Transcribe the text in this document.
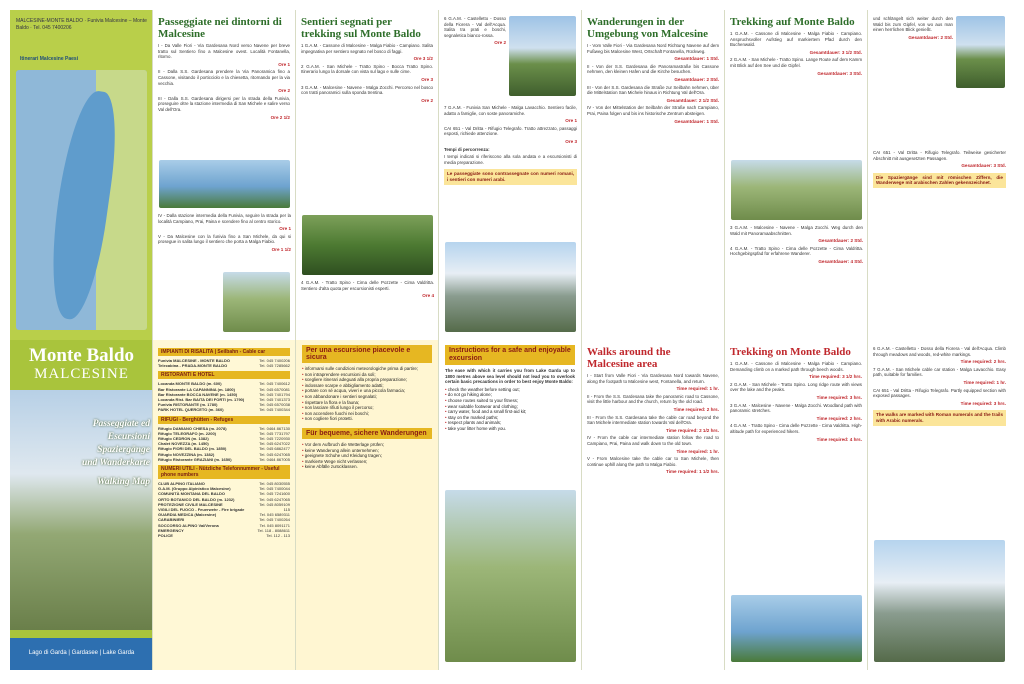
MALCESINE-MONTE BALDO · Funivia Malcesine – Monte Baldo · Tel. 045 7400206
Itinerari Malcesine Paesi
Passeggiate nei dintorni di Malcesine

I - Da Valle Fiori - Via Gardesana Nord verso Navene per breve tratto sul Sentiero fino a Malcesine ovest. Località Fontanella, ritorno.

Ore 1

II - Dalla S.S. Gardesana prendere la Via Panoramica fino a Cassone, visitando il porticciolo e la chiesetta, ritornando per la via vecchia.

Ore 2

III - Dalla S.S. Gardesana dirigersi per la strada della Funivia, proseguire oltre la stazione intermedia di San Michele e salire verso Val dell'Ora.

Ore 2 1/2

IV - Dalla stazione intermedia della Funivia, seguire la strada per la località Campiano, Prai, Paina e scendere fino al centro storico.

Ore 1

V - Da Malcesine con la funivia fino a San Michele, da qui si prosegue in salita lungo il sentiero che porta a Malga Fiabio.

Ore 1 1/2
Sentieri segnati per trekking sul Monte Baldo

1 G.A.M. - Cassone di Malcesine - Malga Fiabio - Campiano. Salita impegnativa per sentiero segnato nel bosco di faggi.

Ore 3 1/2

2 G.A.M. - San Michele - Tratto Spino - Bocca Tratto Spino. Itinerario lungo la dorsale con vista sul lago e sulle cime.

Ore 3

3 G.A.M. - Malcesine - Navene - Malga Zocchi. Percorso nel bosco con tratti panoramici sulla sponda trentina.

Ore 2

4 G.A.M. - Tratto Spino - Cima delle Pozzette - Cima Valdritta. Sentiero d'alta quota per escursionisti esperti.

Ore 4

6 G.A.M. - Castelletto - Dosso della Fiorera - Val dell'Acqua. Salita tra prati e boschi, segnaletica bianco-rossa.

Ore 2

7 G.A.M. - Funivia San Michele - Malga Lavacchio. Sentiero facile, adatto a famiglie, con soste panoramiche.

Ore 1

CAI 651 - Val Dritta - Rifugio Telegrafo. Tratto attrezzato, passaggi esposti, richiede attenzione.

Ore 3

Tempi di percorrenza:

I tempi indicati si riferiscono alla sola andata e a escursionisti di media preparazione.

Le passeggiate sono contrassegnate con numeri romani, i sentieri con numeri arabi.
Wanderungen in der Umgebung von Malcesine

I - Vom Valle Fiori - Via Gardesana Nord Richtung Navene auf dem Fußweg bis Malcesine West, Ortschaft Fontanella, Rückweg.

Gesamtdauer: 1 Std.

II - Von der S.S. Gardesana die Panoramastraße bis Cassone nehmen, den kleinen Hafen und die Kirche besuchen.

Gesamtdauer: 2 Std.

III - Von der S.S. Gardesana die Straße zur Seilbahn nehmen, über die Mittelstation San Michele hinaus in Richtung Val dell'Ora.

Gesamtdauer: 2 1/2 Std.

IV - Von der Mittelstation der Seilbahn der Straße nach Campiano, Prai, Paina folgen und bis ins historische Zentrum absteigen.

Gesamtdauer: 1 Std.
Trekking auf Monte Baldo

1 G.A.M. - Cassone di Malcesine - Malga Fiabio - Campiano. Anspruchsvoller Aufstieg auf markiertem Pfad durch den Buchenwald.

Gesamtdauer: 3 1/2 Std.

2 G.A.M. - San Michele - Tratto Spino. Lange Route auf dem Kamm mit Blick auf den See und die Gipfel.

Gesamtdauer: 3 Std.

3 G.A.M. - Malcesine - Navene - Malga Zocchi. Weg durch den Wald mit Panoramaabschnitten.

Gesamtdauer: 2 Std.

4 G.A.M. - Tratto Spino - Cima delle Pozzette - Cima Valdritta. Hochgebirgspfad für erfahrene Wanderer.

Gesamtdauer: 4 Std.

und schlängelt sich weiter durch den Wald bis zum Gipfel, von wo aus man einen herrlichen Blick genießt.

Gesamtdauer: 2 Std.

CAI 651 - Val Dritta - Rifugio Telegrafo. Teilweise gesicherter Abschnitt mit ausgesetzten Passagen.

Gesamtdauer: 3 Std.
Die Spaziergänge sind mit römischen Ziffern, die Wanderwege mit arabischen Zahlen gekennzeichnet.
Monte Baldo
MALCESINE
Passeggiate ed
Escursioni
Spaziergänge
und Wanderkarte
Walking Map
Lago di Garda | Gardasee | Lake Garda
IMPIANTI DI RISALITA | Seilbahn - Cable car
Funivia MALCESINE - MONTE BALDO	Tel. 045 7400206
Telecabina - PRADA-MONTE BALDO	Tel. 045 7285662
RISTORANTI E HOTEL
Locanda MONTE BALDO (m. 600)	Tel. 045 7400612
Bar Ristorante LA CAPANNINA (m. 1800)	Tel. 045 6570081
Bar Ristorante BOCCA NAVENE (m. 1450)	Tel. 045 7401794
Locanda Rist. Bar BAITA DEI FORTI (m. 1790)	Tel. 045 7401373
Funivia RISTORANTE (m. 1780)	Tel. 045 6570038
PARK HOTEL QUERCETO (m. 360)	Tel. 045 7400344
RIFUGI - Berghütten - Refuges
Rifugio DAMIANO CHIESA (m. 2078)	Tel. 0464 867130
Rifugio TELEGRAFO (m. 2200)	Tel. 045 7731797
Rifugio CEDRON (m. 1382)	Tel. 045 7220930
Chalet NOVEZZA (m. 1450)	Tel. 045 6247022
Rifugio FIORI DEL BALDO (m. 1850)	Tel. 045 6862477
Rifugio NOVEZZINA (m. 1382)	Tel. 045 6247065
Rifugio Ristorante GRAZIANI (m. 1650)	Tel. 0464 867005
NUMERI UTILI - Nützliche Telefonnummer - Useful phone numbers
CLUB ALPINO ITALIANO	Tel. 045 8030555
G.A.M. (Gruppo Alpinistico Malcesine)	Tel. 045 7400044
COMUNITÀ MONTANA DEL BALDO	Tel. 045 7241600
ORTO BOTANICO DEL BALDO (m. 1232)	Tel. 045 6247065
PROTEZIONE CIVILE MALCESINE	Tel. 045 8059109
VIGILI DEL FUOCO - Feuerwehr - Fire brigade	115
GUARDIA MEDICA (Malcesine)	Tel. 045 6589311
CARABINIERI	Tel. 045 7400264
SOCCORSO ALPINO Val/Verona	Tel. 045 8091171
EMERGENCY	Tel. 118 - 8088611
POLICE	Tel. 112 - 113
Per una escursione piacevole e sicura
• informarsi sulle condizioni meteorologiche prima di partire;
• non intraprendere escursioni da soli;
• scegliere itinerari adeguati alla propria preparazione;
• indossare scarpe e abbigliamento adatti;
• portare con sé acqua, viveri e una piccola farmacia;
• non abbandonare i sentieri segnalati;
• rispettare la flora e la fauna;
• non lasciare rifiuti lungo il percorso;
• non accendere fuochi nei boschi;
• non cogliere fiori protetti.
Für bequeme, sichere Wanderungen
• Vor dem Aufbruch die Wetterlage prüfen;
• keine Wanderung allein unternehmen;
• geeignete Schuhe und Kleidung tragen;
• markierte Wege nicht verlassen;
• keine Abfälle zurücklassen.
Instructions for a safe and enjoyable excursion
The ease with which it carries you from Lake Garda up to 1800 metres above sea level should not lead you to overlook certain basic precautions in order to best enjoy Monte Baldo:
• check the weather before setting out;
• do not go hiking alone;
• choose routes suited to your fitness;
• wear suitable footwear and clothing;
• carry water, food and a small first-aid kit;
• stay on the marked paths;
• respect plants and animals;
• take your litter home with you.
Walks around the Malcesine area

I - Start from Valle Fiori - Via Gardesana Nord towards Navene, along the footpath to Malcesine west, Fontanella, and return.

Time required: 1 hr.

II - From the S.S. Gardesana take the panoramic road to Cassone, visit the little harbour and the church, return by the old road.

Time required: 2 hrs.

III - From the S.S. Gardesana take the cable car road beyond the San Michele intermediate station towards Val dell'Ora.

Time required: 2 1/2 hrs.

IV - From the cable car intermediate station follow the road to Campiano, Prai, Paina and walk down to the old town.

Time required: 1 hr.

V - From Malcesine take the cable car to San Michele, then continue uphill along the path to Malga Fiabio.

Time required: 1 1/2 hrs.
Trekking on Monte Baldo

1 G.A.M. - Cassone di Malcesine - Malga Fiabio - Campiano. Demanding climb on a marked path through beech woods.

Time required: 3 1/2 hrs.

2 G.A.M. - San Michele - Tratto Spino. Long ridge route with views over the lake and the peaks.

Time required: 3 hrs.

3 G.A.M. - Malcesine - Navene - Malga Zocchi. Woodland path with panoramic stretches.

Time required: 2 hrs.

4 G.A.M. - Tratto Spino - Cima delle Pozzette - Cima Valdritta. High-altitude path for experienced hikers.

Time required: 4 hrs.

6 G.A.M. - Castelletto - Dosso della Fiorera - Val dell'Acqua. Climb through meadows and woods, red-white markings.

Time required: 2 hrs.

7 G.A.M. - San Michele cable car station - Malga Lavacchio. Easy path, suitable for families.

Time required: 1 hr.

CAI 651 - Val Dritta - Rifugio Telegrafo. Partly equipped section with exposed passages.

Time required: 3 hrs.
The walks are marked with Roman numerals and the trails with Arabic numerals.
